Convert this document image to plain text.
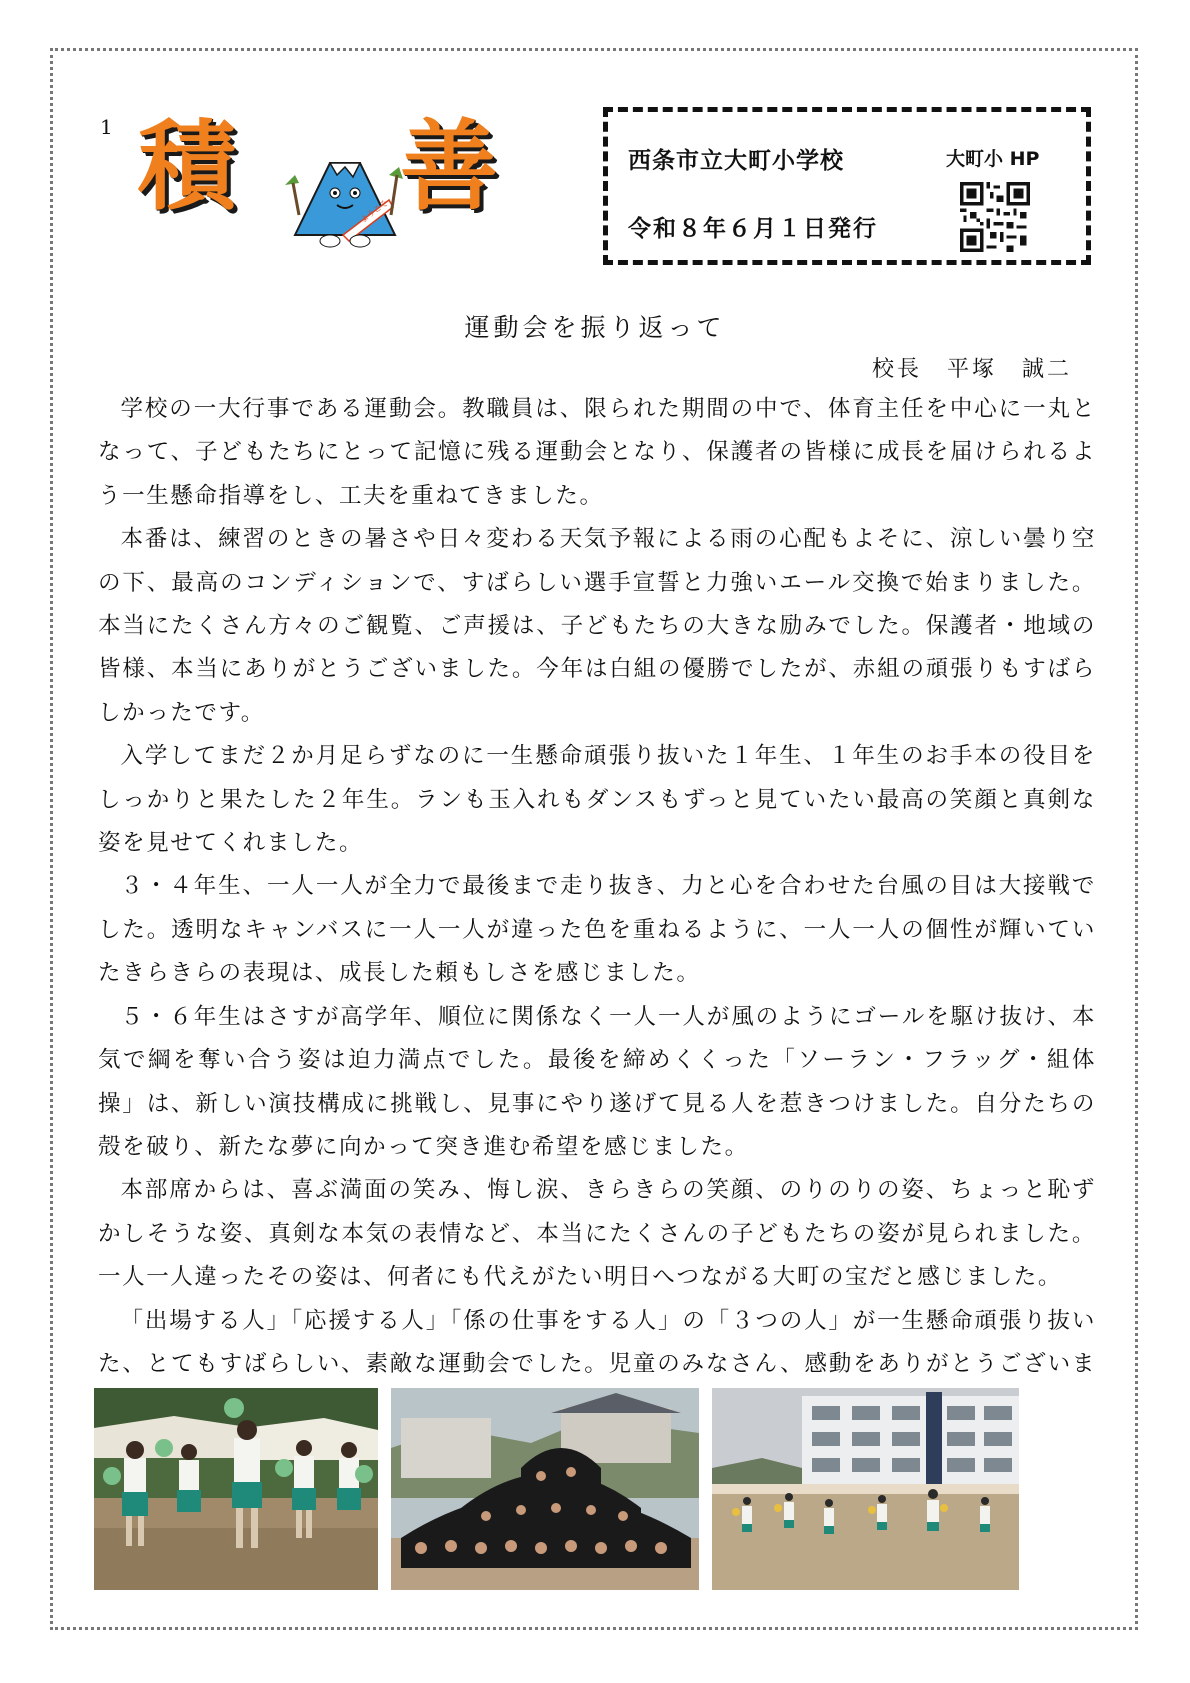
1 積	ようこそ 善	西条市立大町小学校
令和８年６月１日発行
大町小 HP
運動会を振り返って
校長　平塚　誠二

学校の一大行事である運動会。教職員は、限られた期間の中で、体育主任を中心に一丸となって、子どもたちにとって記憶に残る運動会となり、保護者の皆様に成長を届けられるよう一生懸命指導をし、工夫を重ねてきました。

本番は、練習のときの暑さや日々変わる天気予報による雨の心配もよそに、涼しい曇り空の下、最高のコンディションで、すばらしい選手宣誓と力強いエール交換で始まりました。本当にたくさん方々のご観覧、ご声援は、子どもたちの大きな励みでした。保護者・地域の皆様、本当にありがとうございました。今年は白組の優勝でしたが、赤組の頑張りもすばらしかったです。

入学してまだ２か月足らずなのに一生懸命頑張り抜いた１年生、１年生のお手本の役目をしっかりと果たした２年生。ランも玉入れもダンスもずっと見ていたい最高の笑顔と真剣な姿を見せてくれました。

３・４年生、一人一人が全力で最後まで走り抜き、力と心を合わせた台風の目は大接戦でした。透明なキャンバスに一人一人が違った色を重ねるように、一人一人の個性が輝いていたきらきらの表現は、成長した頼もしさを感じました。

５・６年生はさすが高学年、順位に関係なく一人一人が風のようにゴールを駆け抜け、本気で綱を奪い合う姿は迫力満点でした。最後を締めくくった「ソーラン・フラッグ・組体操」は、新しい演技構成に挑戦し、見事にやり遂げて見る人を惹きつけました。自分たちの殻を破り、新たな夢に向かって突き進む希望を感じました。

本部席からは、喜ぶ満面の笑み、悔し涙、きらきらの笑顔、のりのりの姿、ちょっと恥ずかしそうな姿、真剣な本気の表情など、本当にたくさんの子どもたちの姿が見られました。一人一人違ったその姿は、何者にも代えがたい明日へつながる大町の宝だと感じました。

「出場する人」「応援する人」「係の仕事をする人」の「３つの人」が一生懸命頑張り抜いた、とてもすばらしい、素敵な運動会でした。児童のみなさん、感動をありがとうございま
